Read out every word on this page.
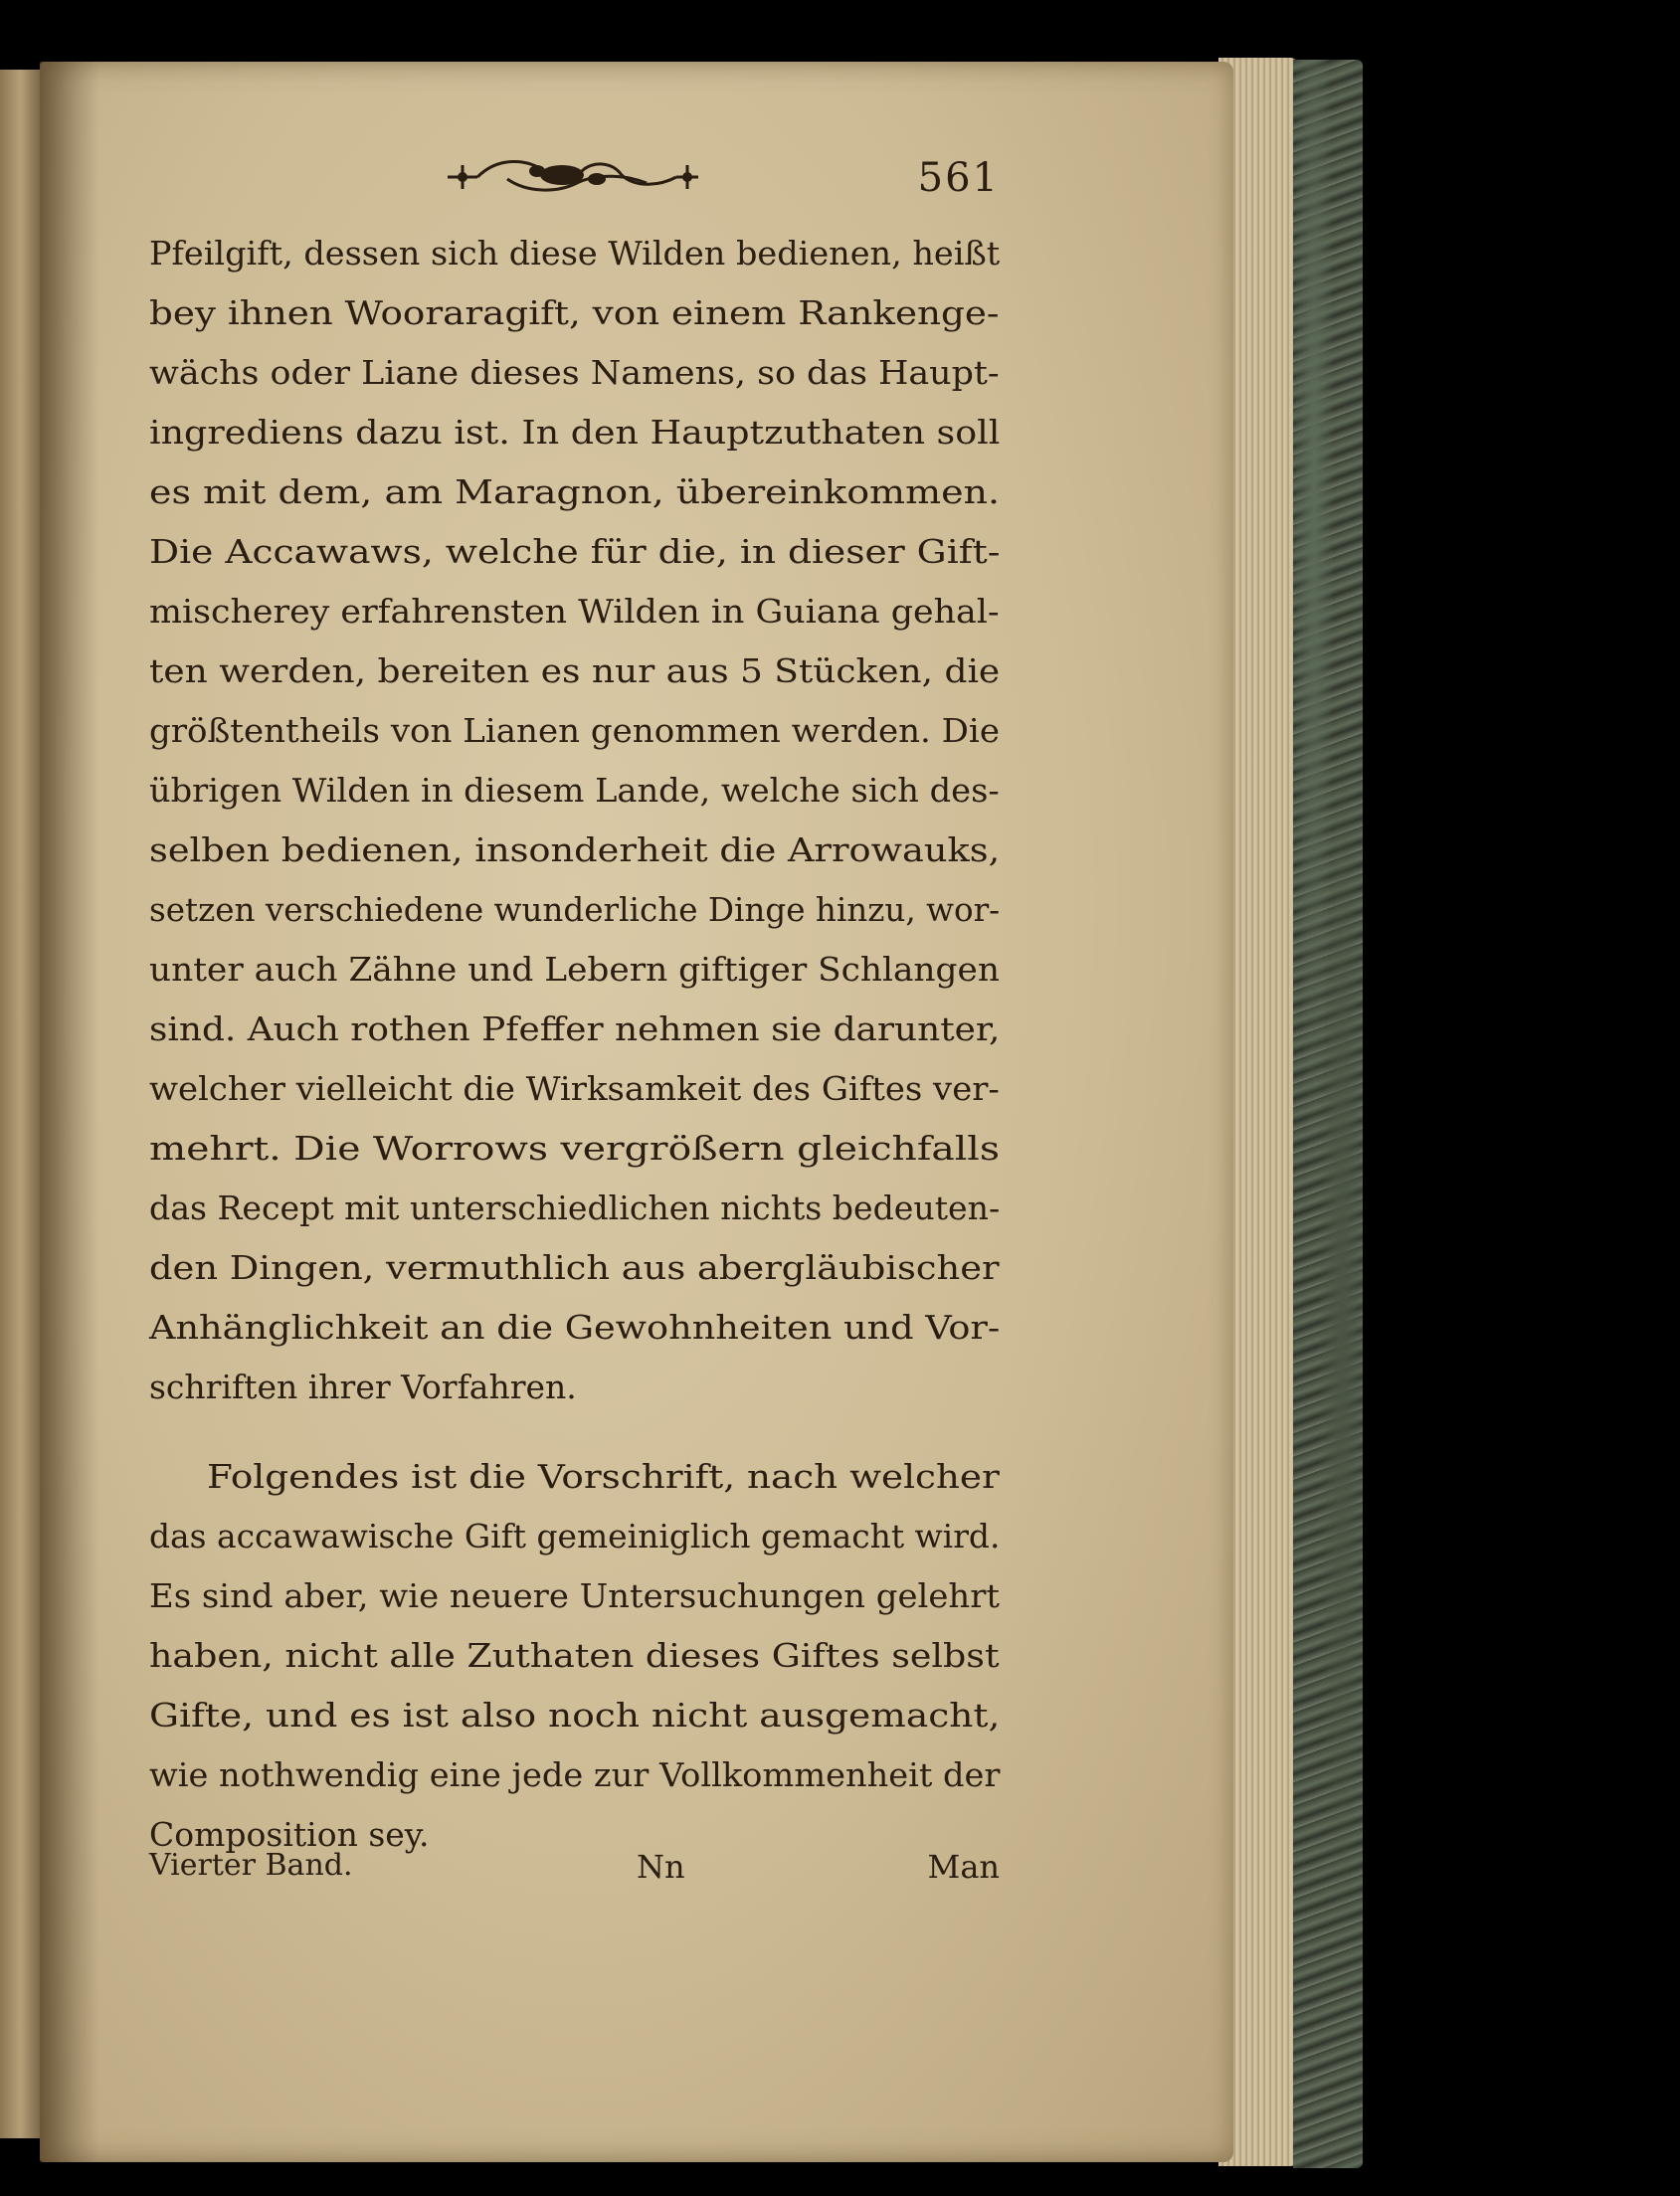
561
Pfeilgift, dessen sich diese Wilden bedienen, heißt
bey ihnen Wooraragift, von einem Rankenge-
wächs oder Liane dieses Namens, so das Haupt-
ingrediens dazu ist. In den Hauptzuthaten soll
es mit dem, am Maragnon, übereinkommen.
Die Accawaws, welche für die, in dieser Gift-
mischerey erfahrensten Wilden in Guiana gehal-
ten werden, bereiten es nur aus 5 Stücken, die
größtentheils von Lianen genommen werden. Die
übrigen Wilden in diesem Lande, welche sich des-
selben bedienen, insonderheit die Arrowauks,
setzen verschiedene wunderliche Dinge hinzu, wor-
unter auch Zähne und Lebern giftiger Schlangen
sind. Auch rothen Pfeffer nehmen sie darunter,
welcher vielleicht die Wirksamkeit des Giftes ver-
mehrt. Die Worrows vergrößern gleichfalls
das Recept mit unterschiedlichen nichts bedeuten-
den Dingen, vermuthlich aus abergläubischer
Anhänglichkeit an die Gewohnheiten und Vor-
schriften ihrer Vorfahren.
Folgendes ist die Vorschrift, nach welcher
das accawawische Gift gemeiniglich gemacht wird.
Es sind aber, wie neuere Untersuchungen gelehrt
haben, nicht alle Zuthaten dieses Giftes selbst
Gifte, und es ist also noch nicht ausgemacht,
wie nothwendig eine jede zur Vollkommenheit der
Composition sey.
Vierter Band.	Nn	Man
